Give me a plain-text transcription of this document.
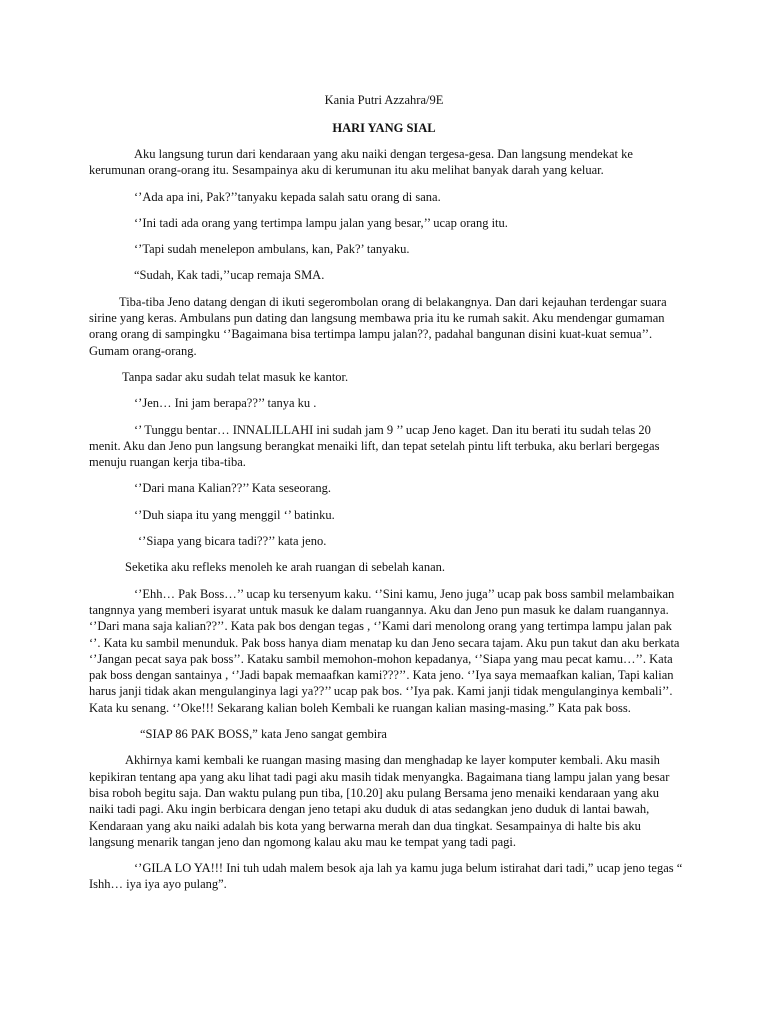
Kania Putri Azzahra/9E
HARI YANG SIAL

Aku langsung turun dari kendaraan yang aku naiki dengan tergesa-gesa. Dan langsung mendekat ke kerumunan orang-orang itu. Sesampainya aku di kerumunan itu aku melihat banyak darah yang keluar.

‘’Ada apa ini, Pak?’’tanyaku kepada salah satu orang di sana.

‘’Ini tadi ada orang yang tertimpa lampu jalan yang besar,’’ ucap orang itu.

‘’Tapi sudah menelepon ambulans, kan, Pak?’ tanyaku.

“Sudah, Kak tadi,’’ucap remaja SMA.

Tiba-tiba Jeno datang dengan di ikuti segerombolan orang di belakangnya. Dan dari kejauhan terdengar suara sirine yang keras. Ambulans pun dating dan langsung membawa pria itu ke rumah sakit. Aku mendengar gumaman orang orang di sampingku ‘’Bagaimana bisa tertimpa lampu jalan??, padahal bangunan disini kuat-kuat semua’’. Gumam orang-orang.

Tanpa sadar aku sudah telat masuk ke kantor.

‘’Jen… Ini jam berapa??’’ tanya ku .

‘’ Tunggu bentar… INNALILLAHI ini sudah jam 9 ’’ ucap Jeno kaget. Dan itu berati itu sudah telas 20 menit. Aku dan Jeno pun langsung berangkat menaiki lift, dan tepat setelah pintu lift terbuka, aku berlari bergegas menuju ruangan kerja tiba-tiba.

‘’Dari mana Kalian??’’ Kata seseorang.

‘’Duh siapa itu yang menggil ‘’ batinku.

‘’Siapa yang bicara tadi??’’ kata jeno.

Seketika aku refleks menoleh ke arah ruangan di sebelah kanan.

‘’Ehh… Pak Boss…’’ ucap ku tersenyum kaku. ‘’Sini kamu, Jeno juga’’ ucap pak boss sambil melambaikan tangnnya yang memberi isyarat untuk masuk ke dalam ruangannya. Aku dan Jeno pun masuk ke dalam ruangannya. ‘’Dari mana saja kalian??’’. Kata pak bos dengan tegas , ‘’Kami dari menolong orang yang tertimpa lampu jalan pak ‘’. Kata ku sambil menunduk. Pak boss hanya diam menatap ku dan Jeno secara tajam. Aku pun takut dan aku berkata ‘’Jangan pecat saya pak boss’’. Kataku sambil memohon-mohon kepadanya, ‘’Siapa yang mau pecat kamu…’’. Kata pak boss dengan santainya , ‘’Jadi bapak memaafkan kami???’’. Kata jeno. ‘’Iya saya memaafkan kalian, Tapi kalian harus janji tidak akan mengulanginya lagi ya??’’ ucap pak bos. ‘’Iya pak. Kami janji tidak mengulanginya kembali’’. Kata ku senang. ‘’Oke!!! Sekarang kalian boleh Kembali ke ruangan kalian masing-masing.” Kata pak boss.

“SIAP 86 PAK BOSS,” kata Jeno sangat gembira

Akhirnya kami kembali ke ruangan masing masing dan menghadap ke layer komputer kembali. Aku masih kepikiran tentang apa yang aku lihat tadi pagi aku masih tidak menyangka. Bagaimana tiang lampu jalan yang besar bisa roboh begitu saja. Dan waktu pulang pun tiba, [10.20] aku pulang Bersama jeno menaiki kendaraan yang aku naiki tadi pagi. Aku ingin berbicara dengan jeno tetapi aku duduk di atas sedangkan jeno duduk di lantai bawah, Kendaraan yang aku naiki adalah bis kota yang berwarna merah dan dua tingkat. Sesampainya di halte bis aku langsung menarik tangan jeno dan ngomong kalau aku mau ke tempat yang tadi pagi.

‘’GILA LO YA!!! Ini tuh udah malem besok aja lah ya kamu juga belum istirahat dari tadi,” ucap jeno tegas “ Ishh… iya iya ayo pulang”.
